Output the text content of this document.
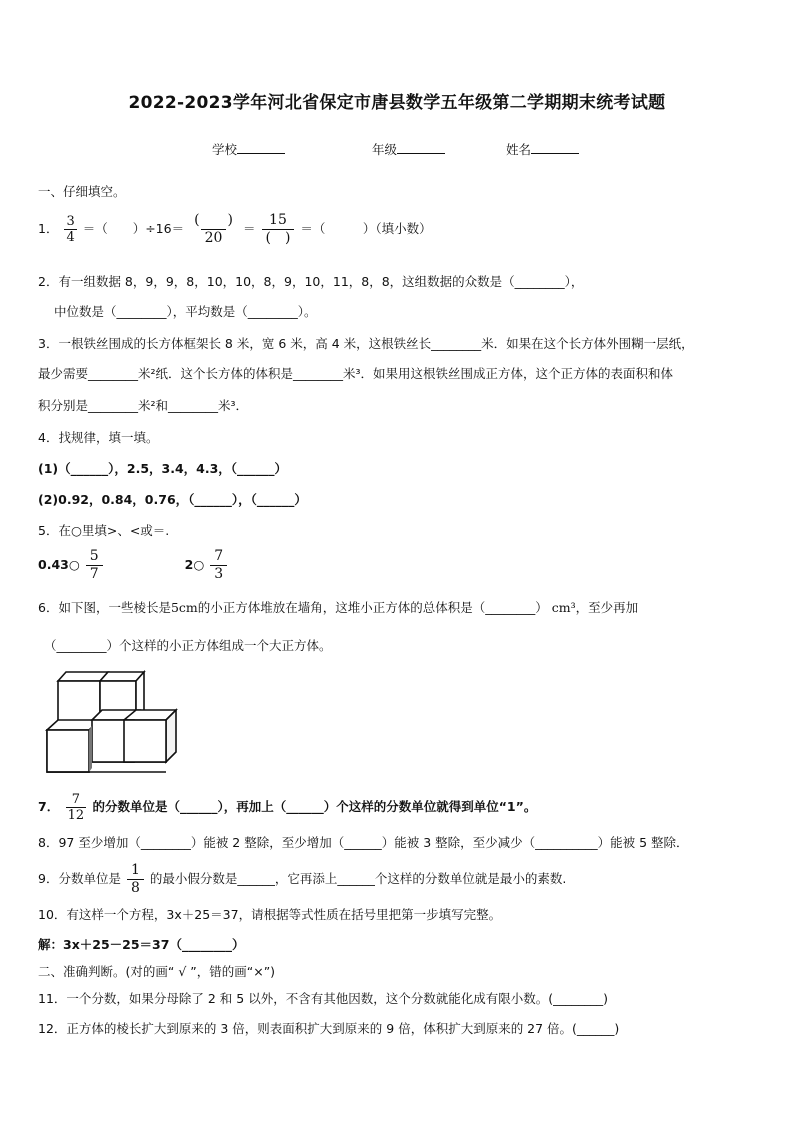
2022-2023学年河北省保定市唐县数学五年级第二学期期末统考试题
学校	年级	姓名
一、仔细填空。
1． $\frac{3}{4}$ ＝（　　）$\div 16= \frac{( )}{20} = \frac{15}{( )}$ ＝（　　　）（填小数）
2．有一组数据 8，9，9，8，10，10，8，9，10，11，8，8，这组数据的众数是（________），
中位数是（________），平均数是（________）。
3．一根铁丝围成的长方体框架长 8 米，宽 6 米，高 4 米，这根铁丝长________米．如果在这个长方体外围糊一层纸，
最少需要________米²纸．这个长方体的体积是________米³．如果用这根铁丝围成正方体，这个正方体的表面积和体
积分别是________米²和________米³．
4．找规律，填一填。
(1)（______），2.5，3.4，4.3，（______）
(2)0.92，0.84，0.76，（______），（______）
5．在○里填>、<或＝.
0.43○ $\frac{5}{7}$	2○ $\frac{7}{3}$
6．如下图，一些棱长是5cm的小正方体堆放在墙角，这堆小正方体的总体积是（________） cm³，至少再加
（________）个这样的小正方体组成一个大正方体。
7． $\frac{7}{12}$ 的分数单位是（______），再加上（______）个这样的分数单位就得到单位“1”。
8．97 至少增加（________）能被 2 整除，至少增加（______）能被 3 整除，至少减少（__________）能被 5 整除．
9．分数单位是 $\frac{1}{8}$ 的最小假分数是______，它再添上______个这样的分数单位就是最小的素数.
10．有这样一个方程，3x＋25＝37，请根据等式性质在括号里把第一步填写完整。
解：3x＋25－25＝37（________）
二、准确判断。(对的画“ √ ”，错的画“×”)
11．一个分数，如果分母除了 2 和 5 以外，不含有其他因数，这个分数就能化成有限小数。(________)
12．正方体的棱长扩大到原来的 3 倍，则表面积扩大到原来的 9 倍，体积扩大到原来的 27 倍。(______)
